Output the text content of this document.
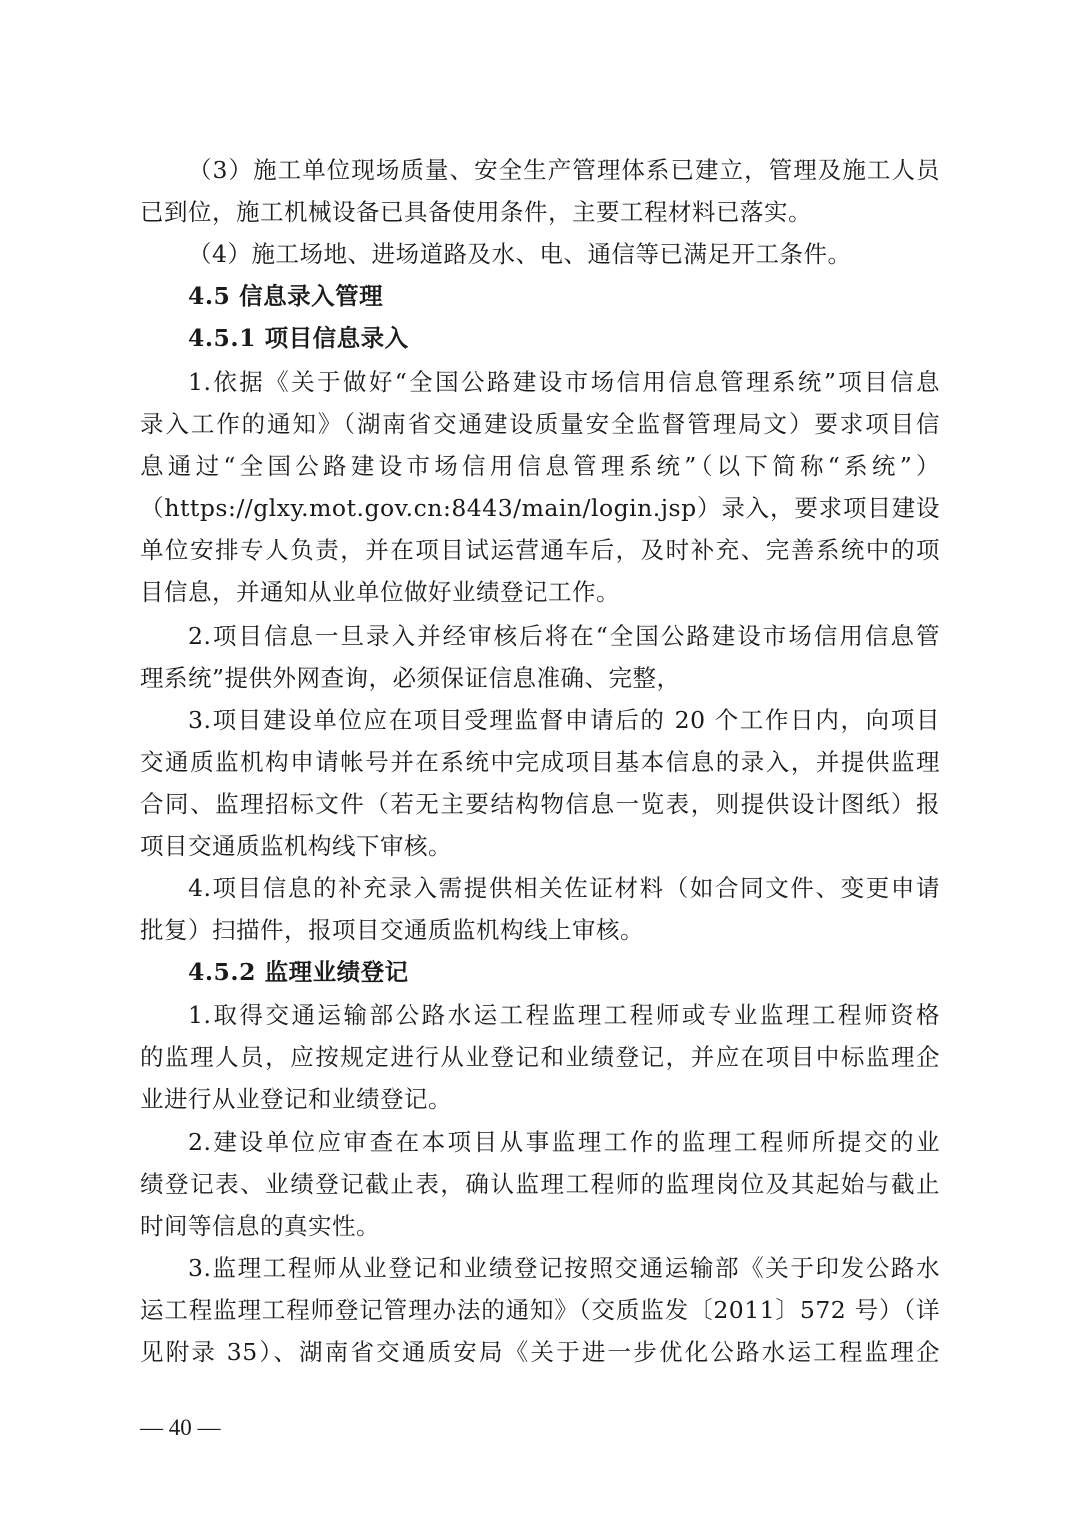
（3）施工单位现场质量、安全生产管理体系已建立，管理及施工人员
已到位，施工机械设备已具备使用条件，主要工程材料已落实。
（4）施工场地、进场道路及水、电、通信等已满足开工条件。
4.5 信息录入管理
4.5.1 项目信息录入
1.依据《关于做好“全国公路建设市场信用信息管理系统”项目信息
录入工作的通知》（湖南省交通建设质量安全监督管理局文）要求项目信
息通过“全国公路建设市场信用信息管理系统”（以下简称“系统”）
（https://glxy.mot.gov.cn:8443/main/login.jsp）录入，要求项目建设
单位安排专人负责，并在项目试运营通车后，及时补充、完善系统中的项
目信息，并通知从业单位做好业绩登记工作。
2.项目信息一旦录入并经审核后将在“全国公路建设市场信用信息管
理系统”提供外网查询，必须保证信息准确、完整，
3.项目建设单位应在项目受理监督申请后的 20 个工作日内，向项目
交通质监机构申请帐号并在系统中完成项目基本信息的录入，并提供监理
合同、监理招标文件（若无主要结构物信息一览表，则提供设计图纸）报
项目交通质监机构线下审核。
4.项目信息的补充录入需提供相关佐证材料（如合同文件、变更申请
批复）扫描件，报项目交通质监机构线上审核。
4.5.2 监理业绩登记
1.取得交通运输部公路水运工程监理工程师或专业监理工程师资格
的监理人员，应按规定进行从业登记和业绩登记，并应在项目中标监理企
业进行从业登记和业绩登记。
2.建设单位应审查在本项目从事监理工作的监理工程师所提交的业
绩登记表、业绩登记截止表，确认监理工程师的监理岗位及其起始与截止
时间等信息的真实性。
3.监理工程师从业登记和业绩登记按照交通运输部《关于印发公路水
运工程监理工程师登记管理办法的通知》（交质监发〔2011〕572 号）（详
见附录 35）、湖南省交通质安局《关于进一步优化公路水运工程监理企
— 40 —
